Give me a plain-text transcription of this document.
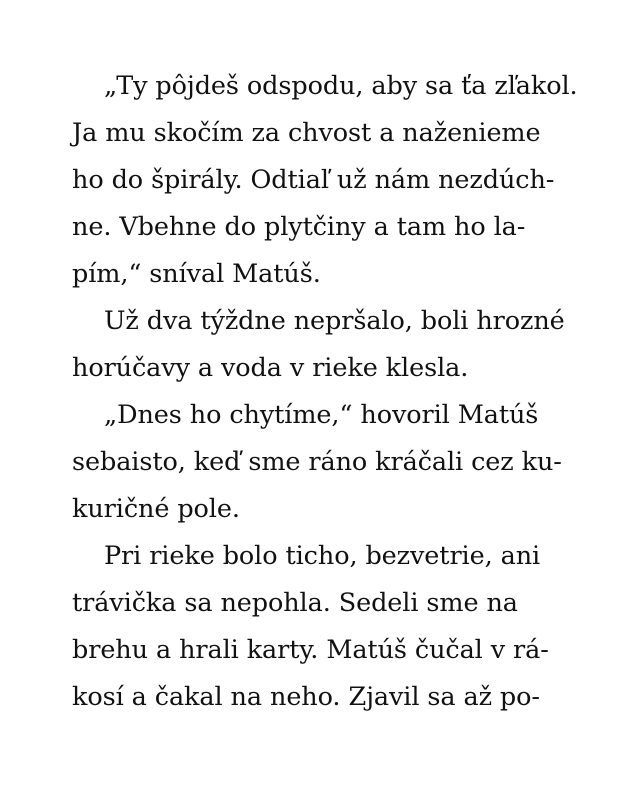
„Ty pôjdeš odspodu, aby sa ťa zľakol.
Ja mu skočím za chvost a naženieme
ho do špirály. Odtiaľ už nám nezdúch-
ne. Vbehne do plytčiny a tam ho la-
pím,“ sníval Matúš.
Už dva týždne nepršalo, boli hrozné
horúčavy a voda v rieke klesla.
„Dnes ho chytíme,“ hovoril Matúš
sebaisto, keď sme ráno kráčali cez ku-
kuričné pole.
Pri rieke bolo ticho, bezvetrie, ani
trávička sa nepohla. Sedeli sme na
brehu a hrali karty. Matúš čučal v rá-
kosí a čakal na neho. Zjavil sa až po-
